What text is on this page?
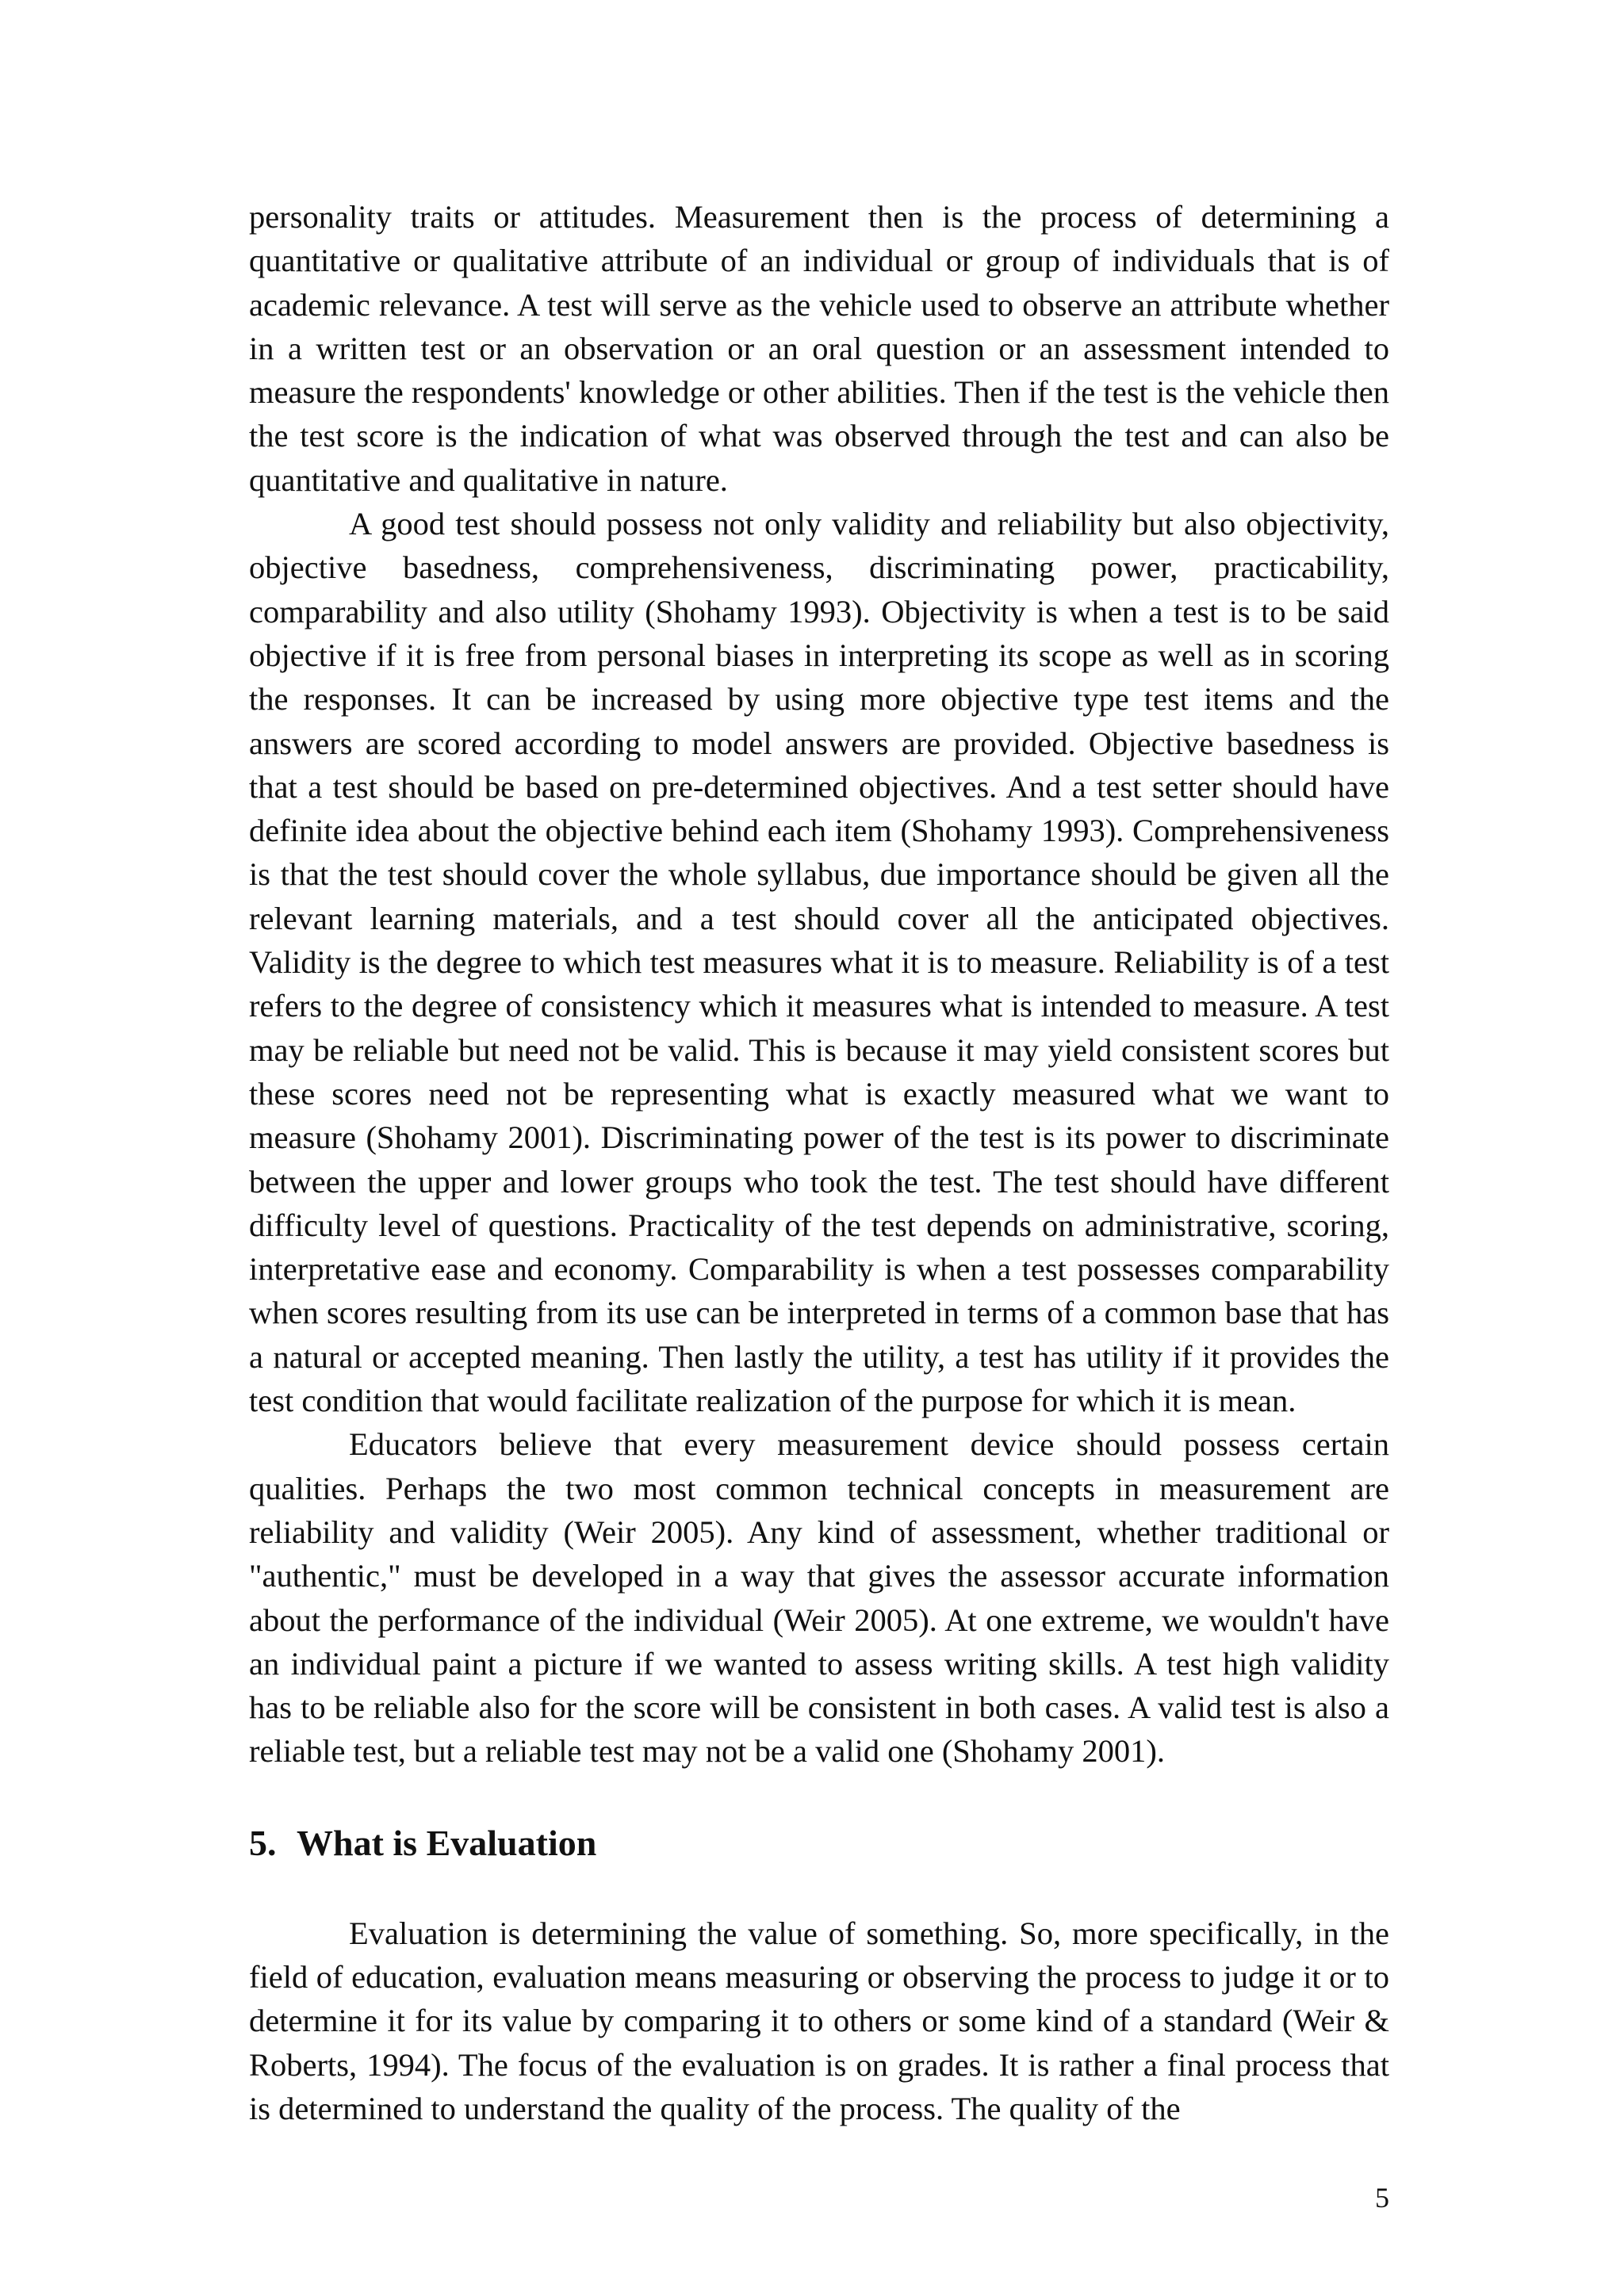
personality traits or attitudes. Measurement then is the process of determining a quantitative or qualitative attribute of an individual or group of individuals that is of academic relevance. A test will serve as the vehicle used to observe an attribute whether in a written test or an observation or an oral question or an assessment intended to measure the respondents' knowledge or other abilities. Then if the test is the vehicle then the test score is the indication of what was observed through the test and can also be quantitative and qualitative in nature.

A good test should possess not only validity and reliability but also objectivity, objective basedness, comprehensiveness, discriminating power, practicability, comparability and also utility (Shohamy 1993). Objectivity is when a test is to be said objective if it is free from personal biases in interpreting its scope as well as in scoring the responses. It can be increased by using more objective type test items and the answers are scored according to model answers are provided. Objective basedness is that a test should be based on pre-determined objectives. And a test setter should have definite idea about the objective behind each item (Shohamy 1993). Comprehensiveness is that the test should cover the whole syllabus, due importance should be given all the relevant learning materials, and a test should cover all the anticipated objectives. Validity is the degree to which test measures what it is to measure. Reliability is of a test refers to the degree of consistency which it measures what is intended to measure. A test may be reliable but need not be valid. This is because it may yield consistent scores but these scores need not be representing what is exactly measured what we want to measure (Shohamy 2001). Discriminating power of the test is its power to discriminate between the upper and lower groups who took the test. The test should have different difficulty level of questions. Practicality of the test depends on administrative, scoring, interpretative ease and economy. Comparability is when a test possesses comparability when scores resulting from its use can be interpreted in terms of a common base that has a natural or accepted meaning. Then lastly the utility, a test has utility if it provides the test condition that would facilitate realization of the purpose for which it is mean.

Educators believe that every measurement device should possess certain qualities. Perhaps the two most common technical concepts in measurement are reliability and validity (Weir 2005). Any kind of assessment, whether traditional or "authentic," must be developed in a way that gives the assessor accurate information about the performance of the individual (Weir 2005). At one extreme, we wouldn't have an individual paint a picture if we wanted to assess writing skills. A test high validity has to be reliable also for the score will be consistent in both cases. A valid test is also a reliable test, but a reliable test may not be a valid one (Shohamy 2001).

5. What is Evaluation

Evaluation is determining the value of something. So, more specifically, in the field of education, evaluation means measuring or observing the process to judge it or to determine it for its value by comparing it to others or some kind of a standard (Weir & Roberts, 1994). The focus of the evaluation is on grades. It is rather a final process that is determined to understand the quality of the process. The quality of the

5
